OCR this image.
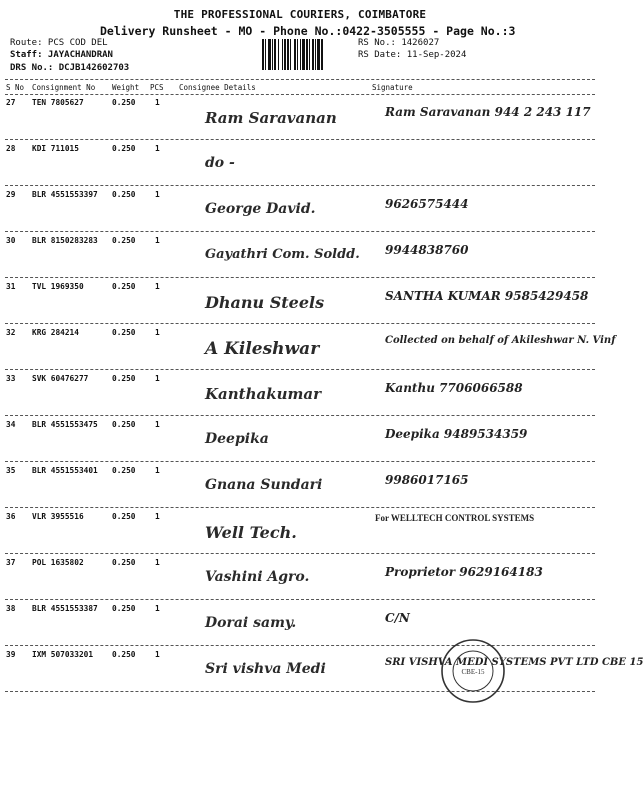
THE PROFESSIONAL COURIERS, COIMBATORE
Delivery Runsheet - MO - Phone No.:0422-3505555 - Page No.:3
Route: PCS COD DEL
Staff: JAYACHANDRAN
DRS No.: DCJB142602703
RS No.: 1426027
RS Date: 11-Sep-2024
S No Consignment No Weight PCS Consignee Details	Signature
27 TEN 7805627	0.250	1
Ram Saravanan	Ram Saravanan 944 2 243 117
28 KDI 711015	0.250	1
do -
29 BLR 4551553397 0.250	1
George David.	9626575444
30 BLR 8150283283 0.250	1
Gayathri Com. Soldd. 9944838760
31 TVL 1969350	0.250	1
Dhanu Steels	SANTHA KUMAR 9585429458
32 KRG 284214	0.250	1
A Kileshwar	Collected on behalf of Akileshwar N. Vinf
33 SVK 60476277	0.250	1
Kanthakumar	Kanthu 7706066588
34 BLR 4551553475 0.250	1
Deepika	Deepika 9489534359
35 BLR 4551553401 0.250	1
Gnana Sundari	9986017165
36 VLR 3955516	0.250	1
Well Tech.
For WELLTECH CONTROL SYSTEMS
37 POL 1635802	0.250	1
Vashini Agro.	Proprietor 9629164183
38 BLR 4551553387 0.250	1
Dorai samy.	C/N
39 IXM 507033201 0.250	1
Sri vishva Medi	SRI VISHVA MEDI SYSTEMS PVT LTD CBE 15
CBE-15
